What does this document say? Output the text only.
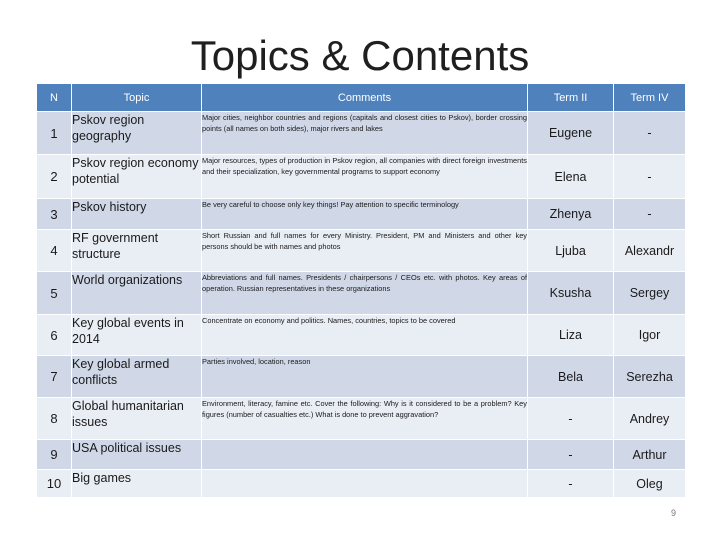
Topics & Contents
N	Topic	Comments	Term II	Term IV
1	Pskov region geography	Major cities, neighbor countries and regions (capitals and closest cities to Pskov), border crossing points (all names on both sides), major rivers and lakes	Eugene	-
2	Pskov region economy potential	Major resources, types of production in Pskov region, all companies with direct foreign investments and their specialization, key governmental programs to support economy	Elena	-
3	Pskov history	Be very careful to choose only key things! Pay attention to specific terminology	Zhenya	-
4	RF government structure	Short Russian and full names for every Ministry. President, PM and Ministers and other key persons should be with names and photos	Ljuba	Alexandr
5	World organizations	Abbreviations and full names. Presidents / chairpersons / CEOs etc. with photos. Key areas of operation. Russian representatives in these organizations	Ksusha	Sergey
6	Key global events in 2014	Concentrate on economy and politics. Names, countries, topics to be covered	Liza	Igor
7	Key global armed conflicts	Parties involved, location, reason	Bela	Serezha
8	Global humanitarian issues	Environment, literacy, famine etc. Cover the following: Why is it considered to be a problem? Key figures (number of casualties etc.) What is done to prevent aggravation?	-	Andrey
9	USA political issues		-	Arthur
10	Big games		-	Oleg
9
